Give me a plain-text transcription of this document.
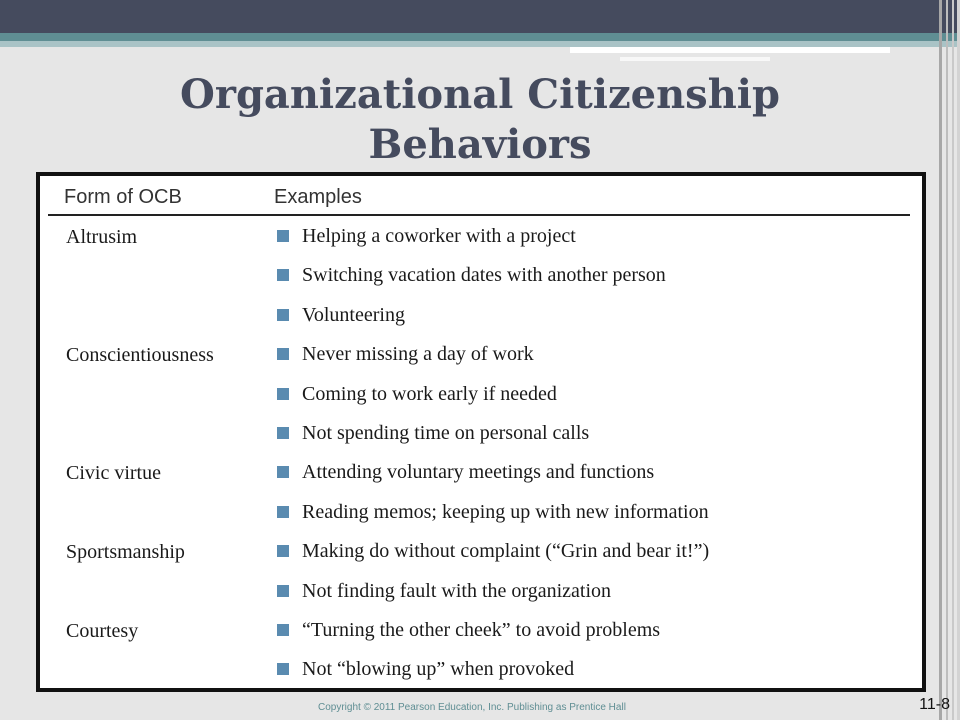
Organizational Citizenship
Behaviors
Form of OCB	Examples
Altrusim	Helping a coworker with a project
Switching vacation dates with another person
Volunteering
Conscientiousness	Never missing a day of work
Coming to work early if needed
Not spending time on personal calls
Civic virtue	Attending voluntary meetings and functions
Reading memos; keeping up with new information
Sportsmanship	Making do without complaint (“Grin and bear it!”)
Not finding fault with the organization
Courtesy	“Turning the other cheek” to avoid problems
Not “blowing up” when provoked
Copyright © 2011 Pearson Education, Inc. Publishing as Prentice Hall	11-8
